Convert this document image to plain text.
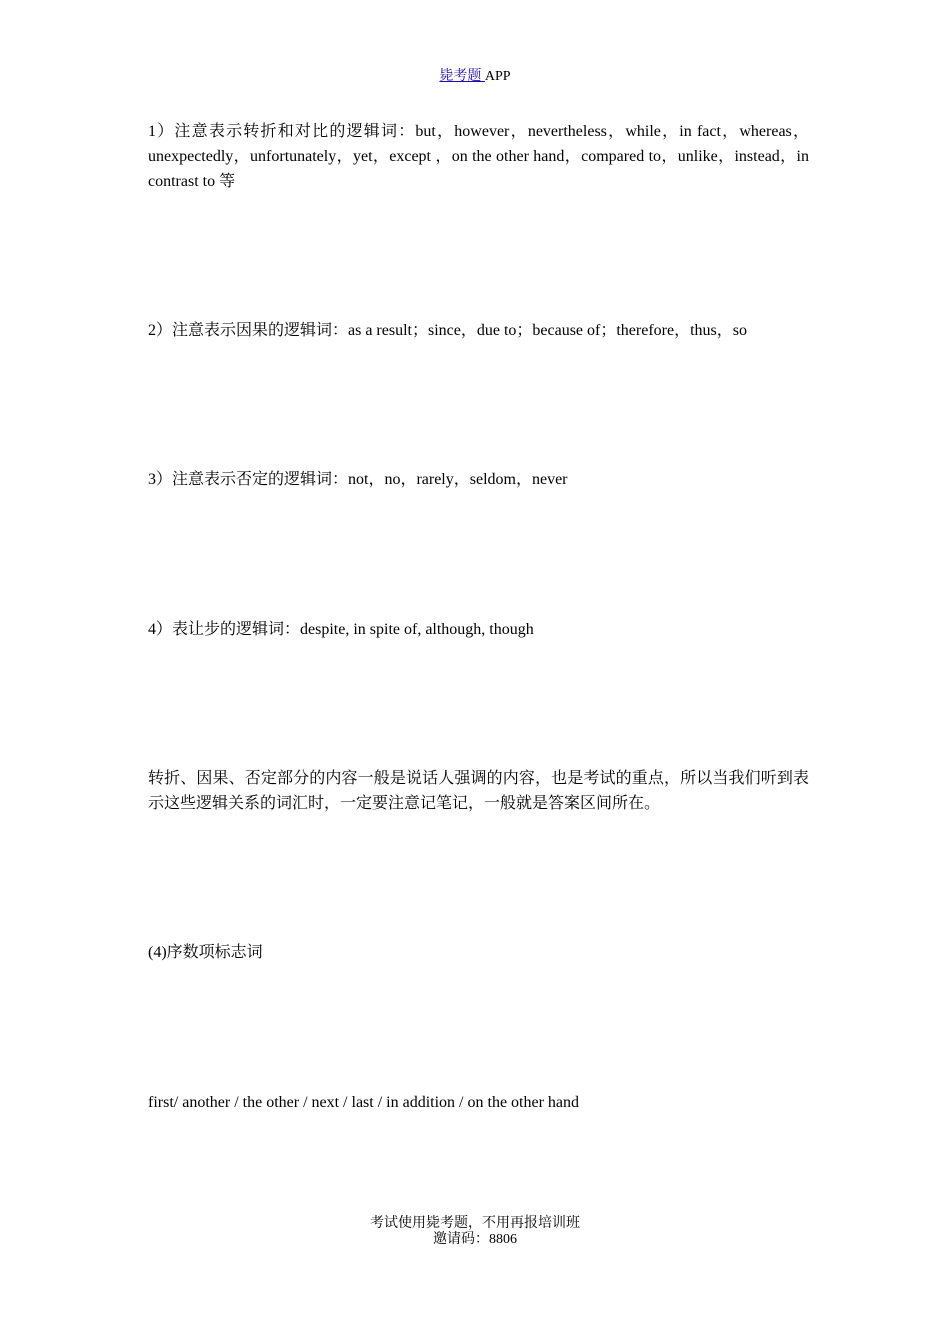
毙考题 APP

1）注意表示转折和对比的逻辑词：but，however，nevertheless，while，in fact，whereas，unexpectedly，unfortunately，yet，except ，on the other hand，compared to，unlike，instead，in contrast to 等

2）注意表示因果的逻辑词：as a result；since，due to；because of；therefore，thus，so

3）注意表示否定的逻辑词：not，no，rarely，seldom，never

4）表让步的逻辑词：despite, in spite of, although, though

转折、因果、否定部分的内容一般是说话人强调的内容，也是考试的重点，所以当我们听到表示这些逻辑关系的词汇时，一定要注意记笔记，一般就是答案区间所在。

(4)序数项标志词

first/ another / the other / next / last / in addition / on the other hand

考试使用毙考题，不用再报培训班
邀请码：8806
